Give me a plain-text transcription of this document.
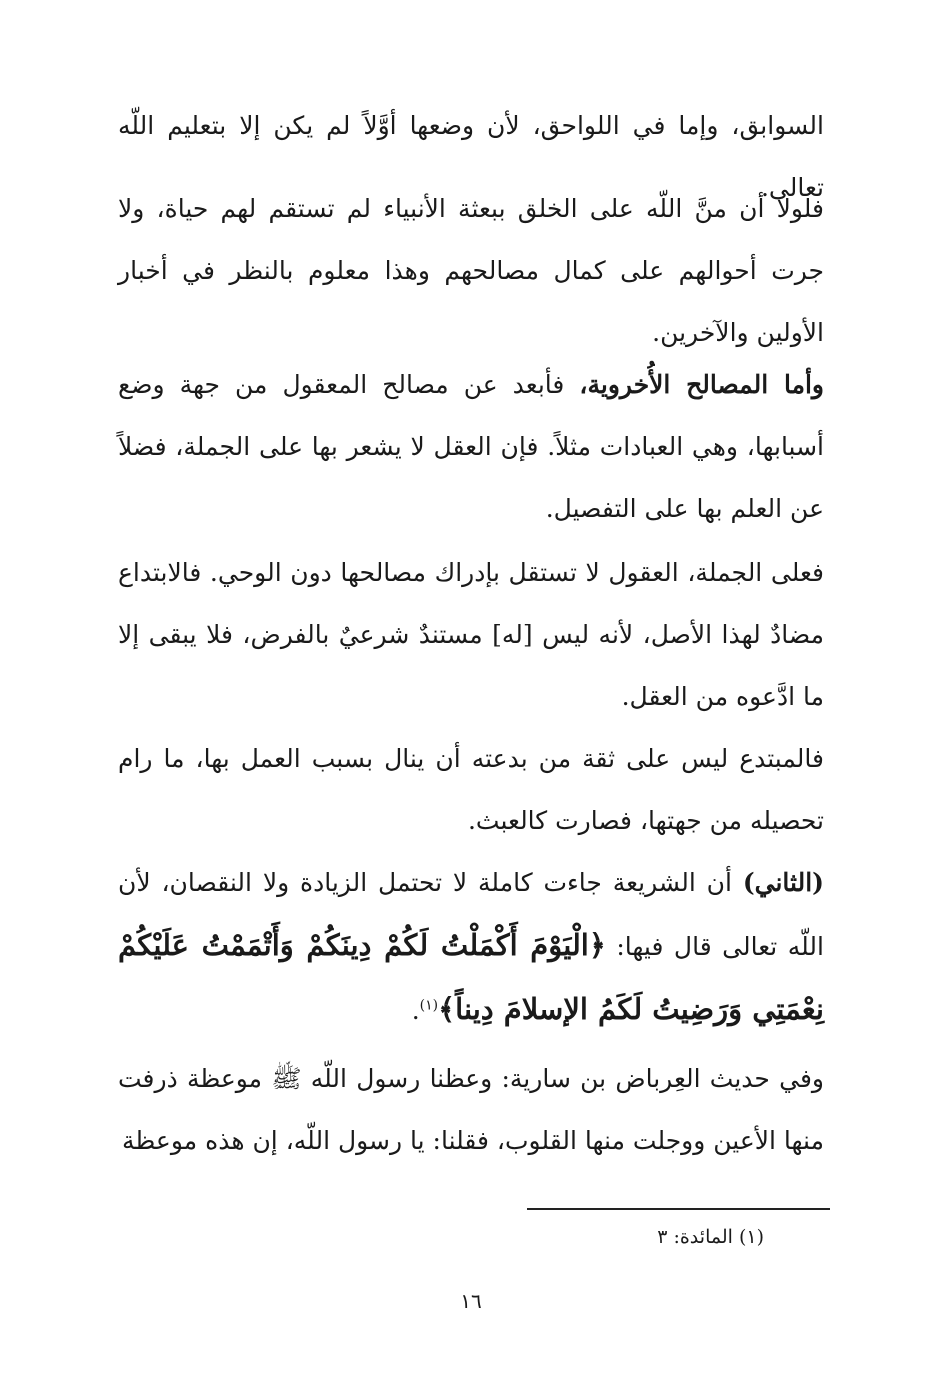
السوابق، وإما في اللواحق، لأن وضعها أوَّلاً لم يكن إلا بتعليم اللّه تعالى.

فلولا أن منَّ اللّه على الخلق ببعثة الأنبياء لم تستقم لهم حياة، ولا جرت أحوالهم على كمال مصالحهم وهذا معلوم بالنظر في أخبار الأولين والآخرين.

وأما المصالح الأُخروية، فأبعد عن مصالح المعقول من جهة وضع أسبابها، وهي العبادات مثلاً. فإن العقل لا يشعر بها على الجملة، فضلاً عن العلم بها على التفصيل.

فعلى الجملة، العقول لا تستقل بإدراك مصالحها دون الوحي. فالابتداع مضادٌ لهذا الأصل، لأنه ليس [له] مستندٌ شرعيٌ بالفرض، فلا يبقى إلا ما ادَّعوه من العقل.

فالمبتدع ليس على ثقة من بدعته أن ينال بسبب العمل بها، ما رام تحصيله من جهتها، فصارت كالعبث.

(الثاني) أن الشريعة جاءت كاملة لا تحتمل الزيادة ولا النقصان، لأن اللّه تعالى قال فيها: ﴿الْيَوْمَ أَكْمَلْتُ لَكُمْ دِينَكُمْ وَأَتْمَمْتُ عَلَيْكُمْ نِعْمَتِي وَرَضِيتُ لَكَمُ الإسلامَ دِيناً﴾$^{(١)}$.

وفي حديث العِرباض بن سارية: وعظنا رسول اللّه ﷺ موعظة ذرفت منها الأعين ووجلت منها القلوب، فقلنا: يا رسول اللّه، إن هذه موعظة

(١) المائدة: ٣

١٦
